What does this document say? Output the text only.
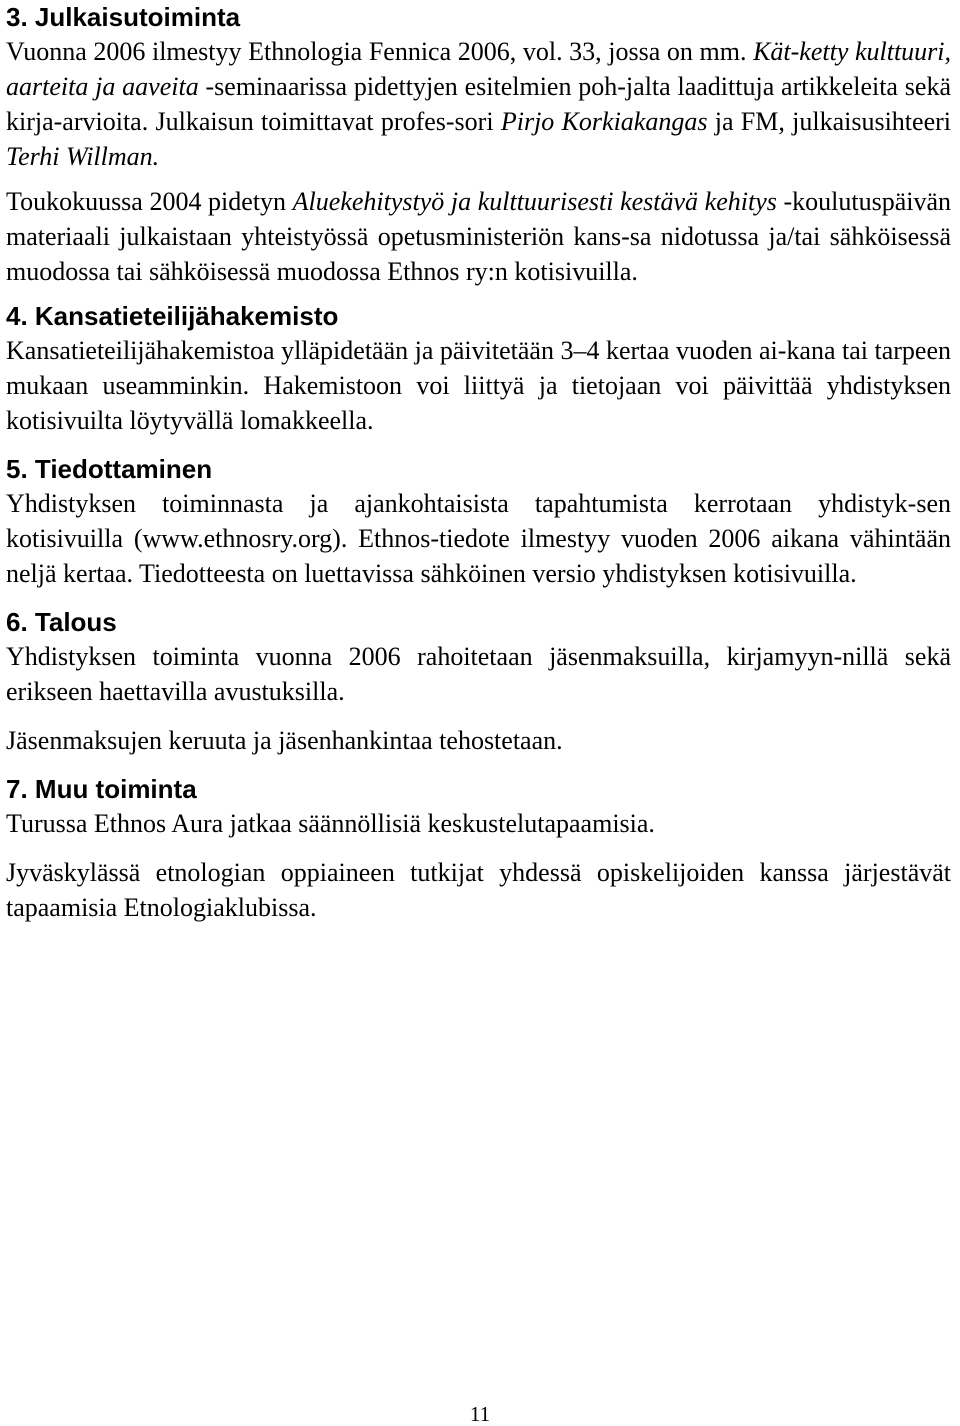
3. Julkaisutoiminta

Vuonna 2006 ilmestyy Ethnologia Fennica 2006, vol. 33, jossa on mm. Kät-ketty kulttuuri, aarteita ja aaveita -seminaarissa pidettyjen esitelmien poh-jalta laadittuja artikkeleita sekä kirja-arvioita. Julkaisun toimittavat profes-sori Pirjo Korkiakangas ja FM, julkaisusihteeri Terhi Willman.

Toukokuussa 2004 pidetyn Aluekehitystyö ja kulttuurisesti kestävä kehitys -koulutuspäivän materiaali julkaistaan yhteistyössä opetusministeriön kans-sa nidotussa ja/tai sähköisessä muodossa tai sähköisessä muodossa Ethnos ry:n kotisivuilla.

4. Kansatieteilijähakemisto

Kansatieteilijähakemistoa ylläpidetään ja päivitetään 3–4 kertaa vuoden ai-kana tai tarpeen mukaan useamminkin. Hakemistoon voi liittyä ja tietojaan voi päivittää yhdistyksen kotisivuilta löytyvällä lomakkeella.

5. Tiedottaminen

Yhdistyksen toiminnasta ja ajankohtaisista tapahtumista kerrotaan yhdistyk-sen kotisivuilla (www.ethnosry.org). Ethnos-tiedote ilmestyy vuoden 2006 aikana vähintään neljä kertaa. Tiedotteesta on luettavissa sähköinen versio yhdistyksen kotisivuilla.

6. Talous

Yhdistyksen toiminta vuonna 2006 rahoitetaan jäsenmaksuilla, kirjamyyn-nillä sekä erikseen haettavilla avustuksilla.

Jäsenmaksujen keruuta ja jäsenhankintaa tehostetaan.

7. Muu toiminta

Turussa Ethnos Aura jatkaa säännöllisiä keskustelutapaamisia.

Jyväskylässä etnologian oppiaineen tutkijat yhdessä opiskelijoiden kanssa järjestävät tapaamisia Etnologiaklubissa.

11
